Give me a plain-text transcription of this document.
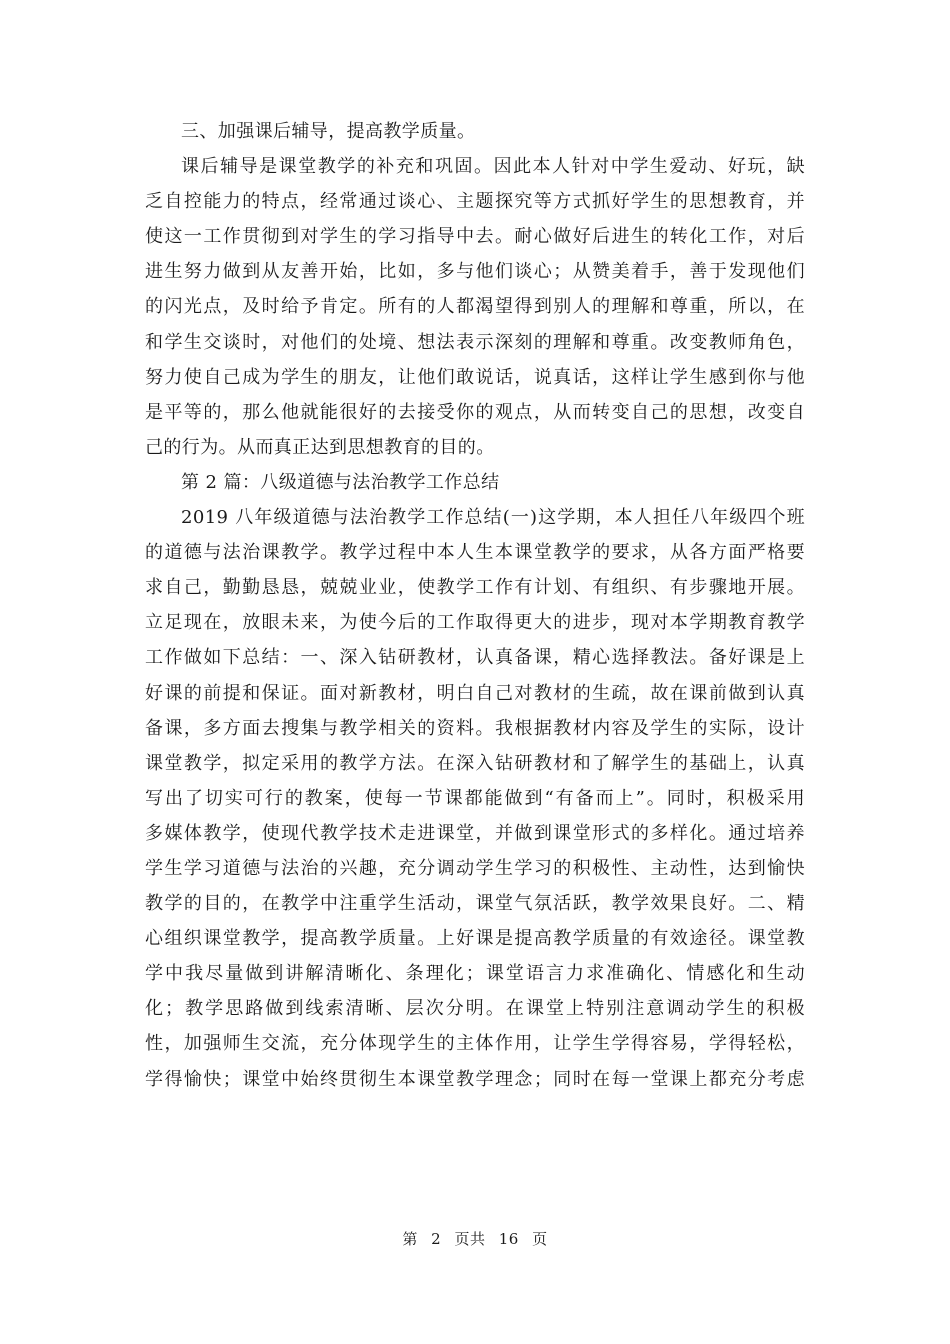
三、加强课后辅导，提高教学质量。
课后辅导是课堂教学的补充和巩固。因此本人针对中学生爱动、好玩，缺
乏自控能力的特点，经常通过谈心、主题探究等方式抓好学生的思想教育，并
使这一工作贯彻到对学生的学习指导中去。耐心做好后进生的转化工作，对后
进生努力做到从友善开始，比如，多与他们谈心；从赞美着手，善于发现他们
的闪光点，及时给予肯定。所有的人都渴望得到别人的理解和尊重，所以，在
和学生交谈时，对他们的处境、想法表示深刻的理解和尊重。改变教师角色，
努力使自己成为学生的朋友，让他们敢说话，说真话，这样让学生感到你与他
是平等的，那么他就能很好的去接受你的观点，从而转变自己的思想，改变自
己的行为。从而真正达到思想教育的目的。
第 2 篇：八级道德与法治教学工作总结
2019 八年级道德与法治教学工作总结(一)这学期，本人担任八年级四个班
的道德与法治课教学。教学过程中本人生本课堂教学的要求，从各方面严格要
求自己，勤勤恳恳，兢兢业业，使教学工作有计划、有组织、有步骤地开展。
立足现在，放眼未来，为使今后的工作取得更大的进步，现对本学期教育教学
工作做如下总结：一、深入钻研教材，认真备课，精心选择教法。备好课是上
好课的前提和保证。面对新教材，明白自己对教材的生疏，故在课前做到认真
备课，多方面去搜集与教学相关的资料。我根据教材内容及学生的实际，设计
课堂教学，拟定采用的教学方法。在深入钻研教材和了解学生的基础上，认真
写出了切实可行的教案，使每一节课都能做到“有备而上”。同时，积极采用
多媒体教学，使现代教学技术走进课堂，并做到课堂形式的多样化。通过培养
学生学习道德与法治的兴趣，充分调动学生学习的积极性、主动性，达到愉快
教学的目的，在教学中注重学生活动，课堂气氛活跃，教学效果良好。二、精
心组织课堂教学，提高教学质量。上好课是提高教学质量的有效途径。课堂教
学中我尽量做到讲解清晰化、条理化；课堂语言力求准确化、情感化和生动
化；教学思路做到线索清晰、层次分明。在课堂上特别注意调动学生的积极
性，加强师生交流，充分体现学生的主体作用，让学生学得容易，学得轻松，
学得愉快；课堂中始终贯彻生本课堂教学理念；同时在每一堂课上都充分考虑
第 2 页共 16 页
